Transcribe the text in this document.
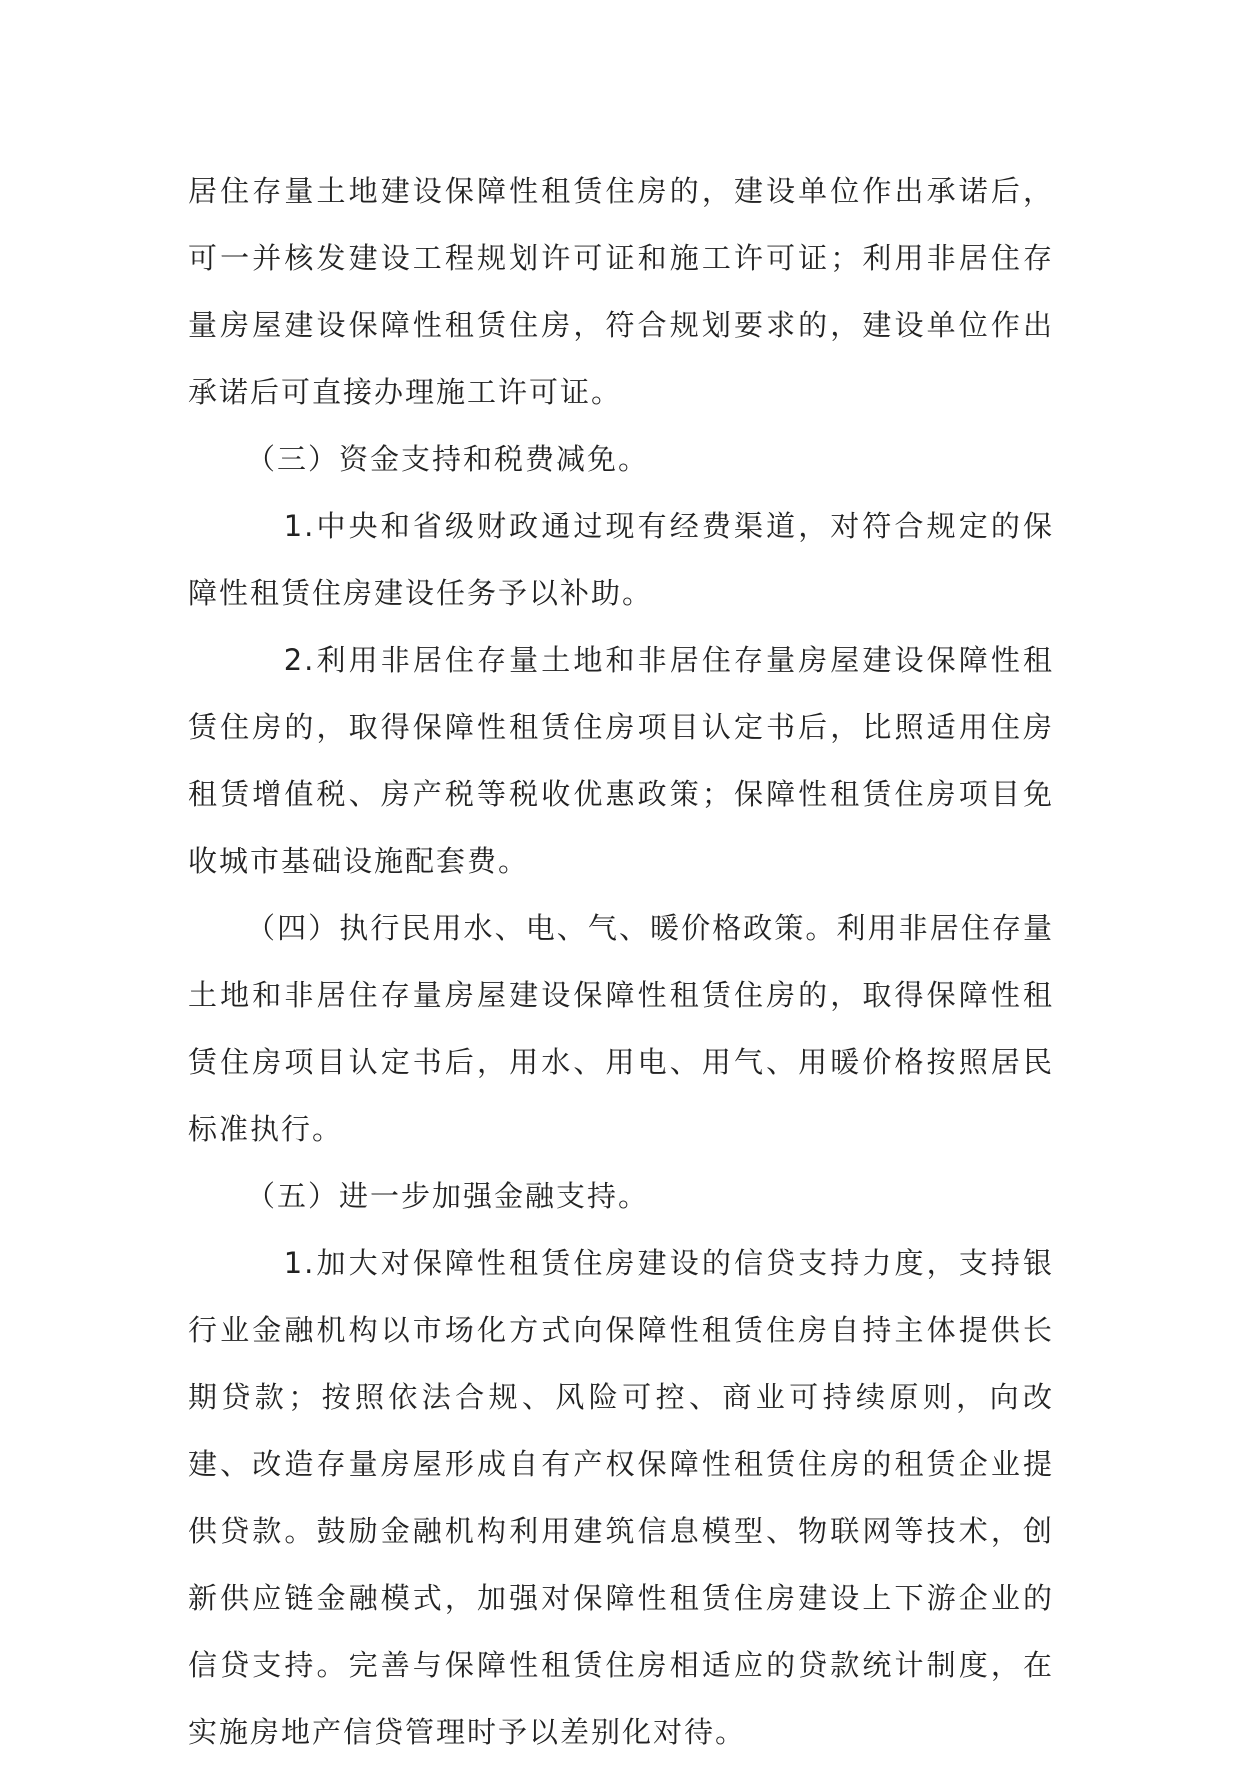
居住存量土地建设保障性租赁住房的，建设单位作出承诺后，可一并核发建设工程规划许可证和施工许可证；利用非居住存量房屋建设保障性租赁住房，符合规划要求的，建设单位作出承诺后可直接办理施工许可证。

（三）资金支持和税费减免。

1.中央和省级财政通过现有经费渠道，对符合规定的保障性租赁住房建设任务予以补助。

2.利用非居住存量土地和非居住存量房屋建设保障性租赁住房的，取得保障性租赁住房项目认定书后，比照适用住房租赁增值税、房产税等税收优惠政策；保障性租赁住房项目免收城市基础设施配套费。

（四）执行民用水、电、气、暖价格政策。利用非居住存量土地和非居住存量房屋建设保障性租赁住房的，取得保障性租赁住房项目认定书后，用水、用电、用气、用暖价格按照居民标准执行。

（五）进一步加强金融支持。

1.加大对保障性租赁住房建设的信贷支持力度，支持银行业金融机构以市场化方式向保障性租赁住房自持主体提供长期贷款；按照依法合规、风险可控、商业可持续原则，向改建、改造存量房屋形成自有产权保障性租赁住房的租赁企业提供贷款。鼓励金融机构利用建筑信息模型、物联网等技术，创新供应链金融模式，加强对保障性租赁住房建设上下游企业的信贷支持。完善与保障性租赁住房相适应的贷款统计制度，在实施房地产信贷管理时予以差别化对待。
